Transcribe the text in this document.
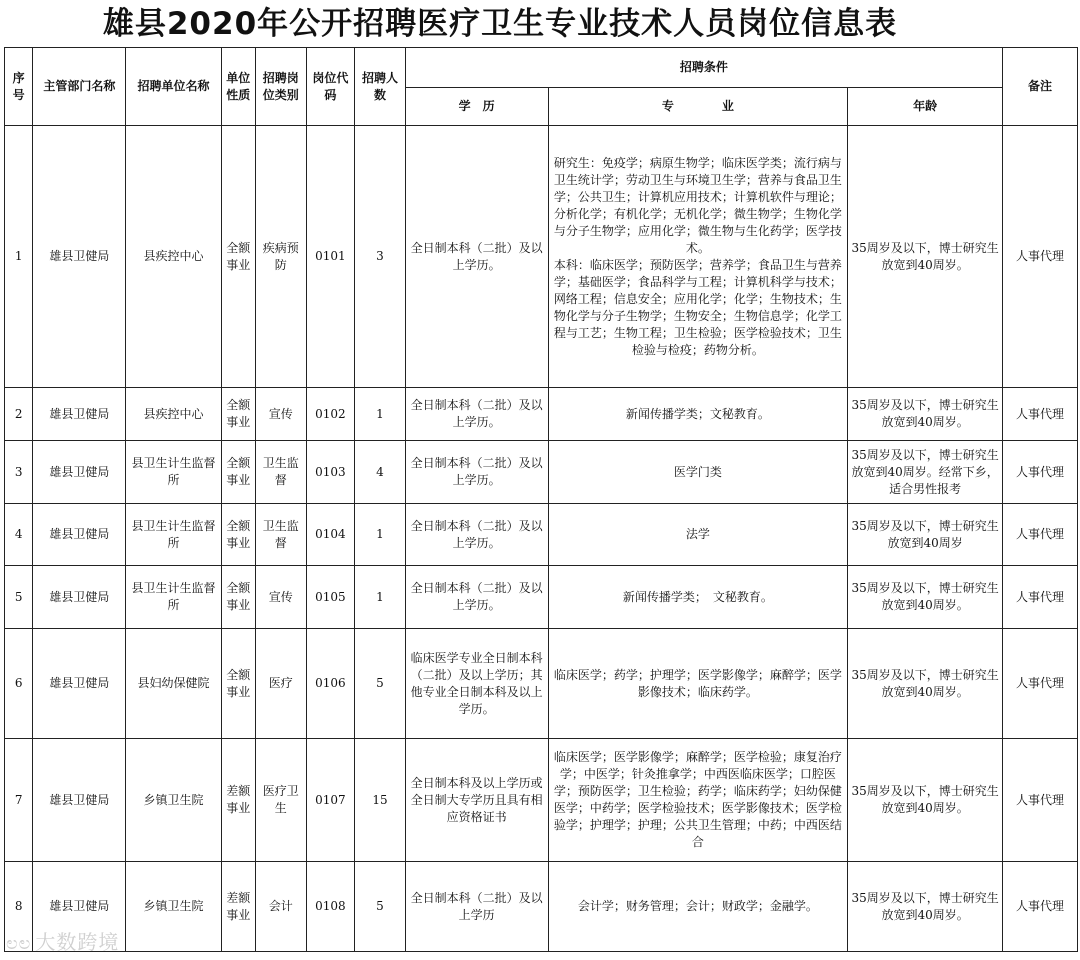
雄县2020年公开招聘医疗卫生专业技术人员岗位信息表
序号	主管部门名称	招聘单位名称	单位性质	招聘岗位类别	岗位代码	招聘人数	招聘条件			备注
							学　历	专　　　　业	年龄	
1	雄县卫健局	县疾控中心	全额事业	疾病预防	0101	3	全日制本科（二批）及以上学历。	研究生：免疫学；病原生物学；临床医学类；流行病与卫生统计学；劳动卫生与环境卫生学；营养与食品卫生学；公共卫生；计算机应用技术；计算机软件与理论；分析化学；有机化学；无机化学；微生物学；生物化学与分子生物学；应用化学；微生物与生化药学；医学技术。
本科：临床医学；预防医学；营养学；食品卫生与营养学；基础医学；食品科学与工程；计算机科学与技术；网络工程；信息安全；应用化学；化学；生物技术；生物化学与分子生物学；生物安全；生物信息学；化学工程与工艺；生物工程；卫生检验；医学检验技术；卫生检验与检疫；药物分析。	35周岁及以下，博士研究生放宽到40周岁。	人事代理
2	雄县卫健局	县疾控中心	全额事业	宣传	0102	1	全日制本科（二批）及以上学历。	新闻传播学类；文秘教育。	35周岁及以下，博士研究生放宽到40周岁。	人事代理
3	雄县卫健局	县卫生计生监督所	全额事业	卫生监督	0103	4	全日制本科（二批）及以上学历。	医学门类	35周岁及以下，博士研究生放宽到40周岁。经常下乡，适合男性报考	人事代理
4	雄县卫健局	县卫生计生监督所	全额事业	卫生监督	0104	1	全日制本科（二批）及以上学历。	法学	35周岁及以下，博士研究生放宽到40周岁	人事代理
5	雄县卫健局	县卫生计生监督所	全额事业	宣传	0105	1	全日制本科（二批）及以上学历。	新闻传播学类；　文秘教育。	35周岁及以下，博士研究生放宽到40周岁。	人事代理
6	雄县卫健局	县妇幼保健院	全额事业	医疗	0106	5	临床医学专业全日制本科（二批）及以上学历；其他专业全日制本科及以上学历。	临床医学；药学；护理学；医学影像学；麻醉学；医学影像技术；临床药学。	35周岁及以下，博士研究生放宽到40周岁。	人事代理
7	雄县卫健局	乡镇卫生院	差额事业	医疗卫生	0107	15	全日制本科及以上学历或全日制大专学历且具有相应资格证书	临床医学；医学影像学；麻醉学；医学检验；康复治疗学；中医学；针灸推拿学；中西医临床医学；口腔医学；预防医学；卫生检验；药学；临床药学；妇幼保健医学；中药学；医学检验技术；医学影像技术；医学检验学；护理学；护理；公共卫生管理；中药；中西医结合	35周岁及以下，博士研究生放宽到40周岁。	人事代理
8	雄县卫健局	乡镇卫生院	差额事业	会计	0108	5	全日制本科（二批）及以上学历	会计学；财务管理；会计；财政学；金融学。	35周岁及以下，博士研究生放宽到40周岁。	人事代理
ಲಲ 大数跨境
